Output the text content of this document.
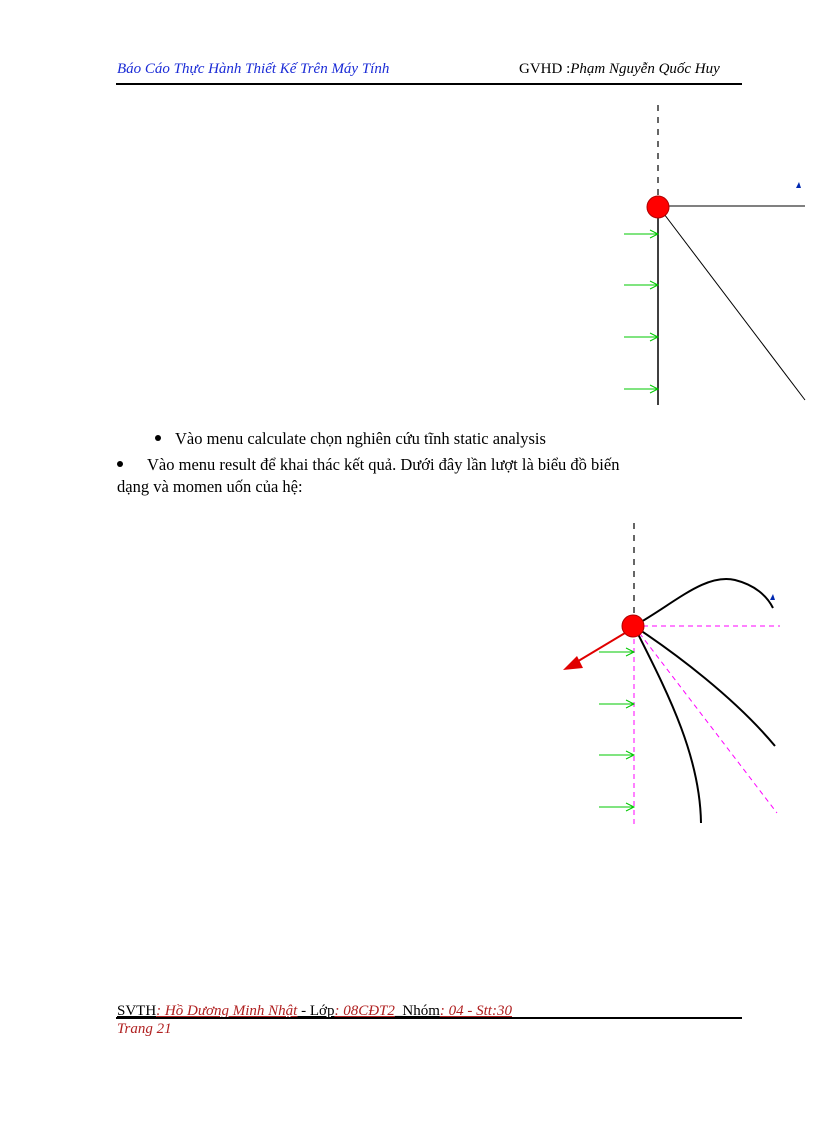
Báo Cáo Thực Hành Thiết Kế Trên Máy Tính	GVHD :Phạm Nguyễn Quốc Huy
Vào menu calculate chọn nghiên cứu tĩnh static analysis
Vào menu result để khai thác kết quả. Dưới đây lần lượt là biểu đồ biến
dạng và momen uốn của hệ:
SVTH: Hồ Dương Minh Nhật - Lớp: 08CĐT2_Nhóm: 04 - Stt:30
Trang 21
